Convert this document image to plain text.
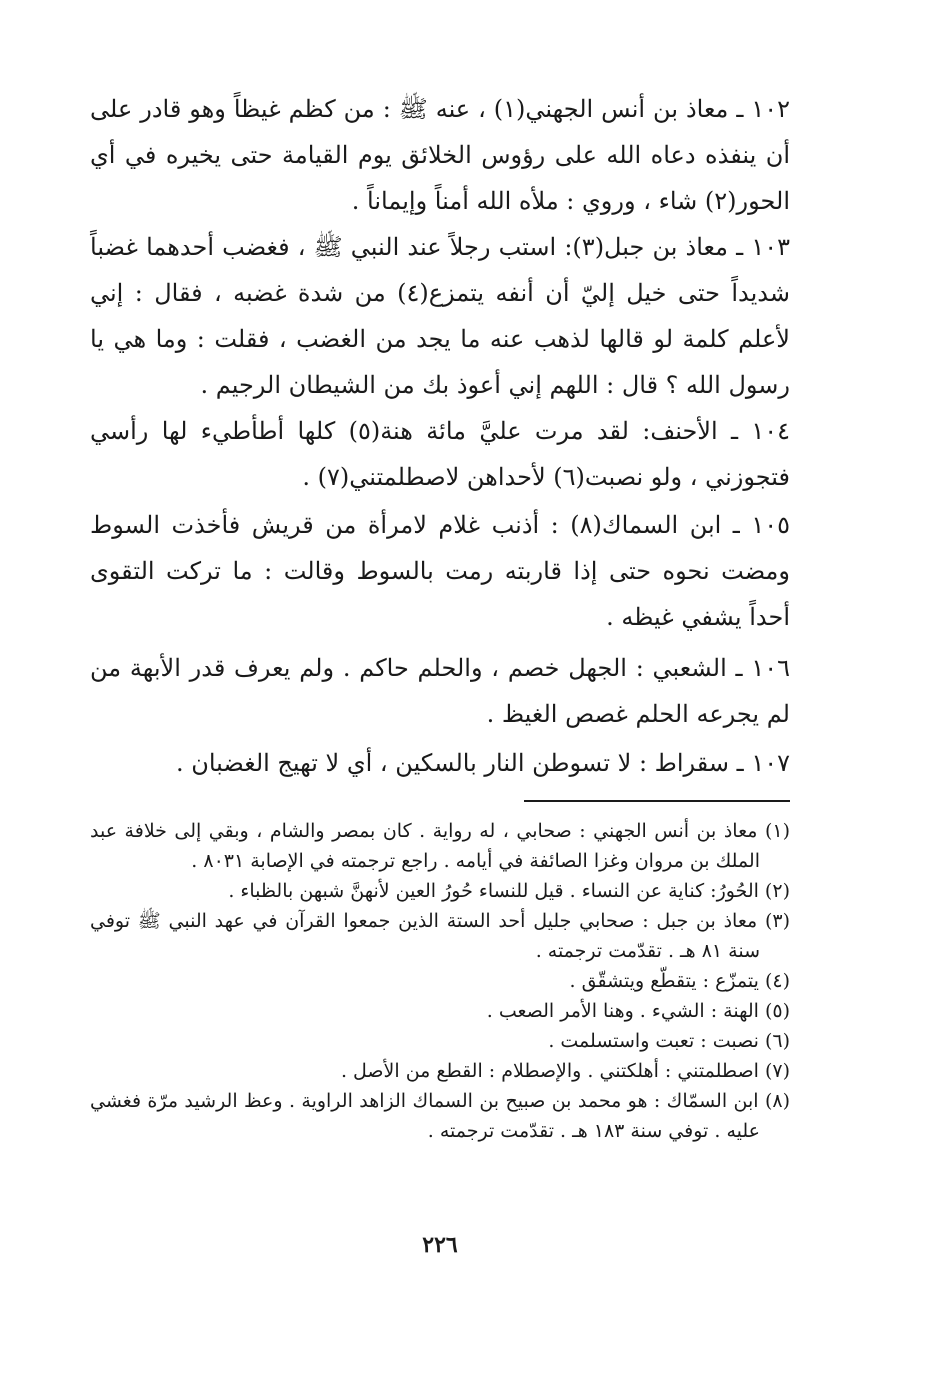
١٠٢ ـ معاذ بن أنس الجهني(١) ، عنه ﷺ : من كظم غيظاً وهو قادر على أن ينفذه دعاه الله على رؤوس الخلائق يوم القيامة حتى يخيره في أي الحور(٢) شاء ، وروي : ملأه الله أمناً وإيماناً .
١٠٣ ـ معاذ بن جبل(٣): استب رجلاً عند النبي ﷺ ، فغضب أحدهما غضباً شديداً حتى خيل إليّ أن أنفه يتمزع(٤) من شدة غضبه ، فقال : إني لأعلم كلمة لو قالها لذهب عنه ما يجد من الغضب ، فقلت : وما هي يا رسول الله ؟ قال : اللهم إني أعوذ بك من الشيطان الرجيم .
١٠٤ ـ الأحنف: لقد مرت عليَّ مائة هنة(٥) كلها أطأطيء لها رأسي فتجوزني ، ولو نصبت(٦) لأحداهن لاصطلمتني(٧) .
١٠٥ ـ ابن السماك(٨) : أذنب غلام لامرأة من قريش فأخذت السوط ومضت نحوه حتى إذا قاربته رمت بالسوط وقالت : ما تركت التقوى أحداً يشفي غيظه .
١٠٦ ـ الشعبي : الجهل خصم ، والحلم حاكم . ولم يعرف قدر الأبهة من لم يجرعه الحلم غصص الغيظ .
١٠٧ ـ سقراط : لا تسوطن النار بالسكين ، أي لا تهيج الغضبان .
(١) معاذ بن أنس الجهني : صحابي ، له رواية . كان بمصر والشام ، وبقي إلى خلافة عبد الملك بن مروان وغزا الصائفة في أيامه . راجع ترجمته في الإصابة ٨٠٣١ .
(٢) الحُورُ: كناية عن النساء . قيل للنساء حُورُ العين لأنهنَّ شبهن بالظباء .
(٣) معاذ بن جبل : صحابي جليل أحد الستة الذين جمعوا القرآن في عهد النبي ﷺ توفي سنة ٨١ هـ . تقدّمت ترجمته .
(٤) يتمزّع : يتقطّع ويتشقّق .
(٥) الهنة : الشيء . وهنا الأمر الصعب .
(٦) نصبت : تعبت واستسلمت .
(٧) اصطلمتني : أهلكتني . والإصطلام : القطع من الأصل .
(٨) ابن السمّاك : هو محمد بن صبيح بن السماك الزاهد الراوية . وعظ الرشيد مرّة فغشي عليه . توفي سنة ١٨٣ هـ . تقدّمت ترجمته .
٢٢٦
